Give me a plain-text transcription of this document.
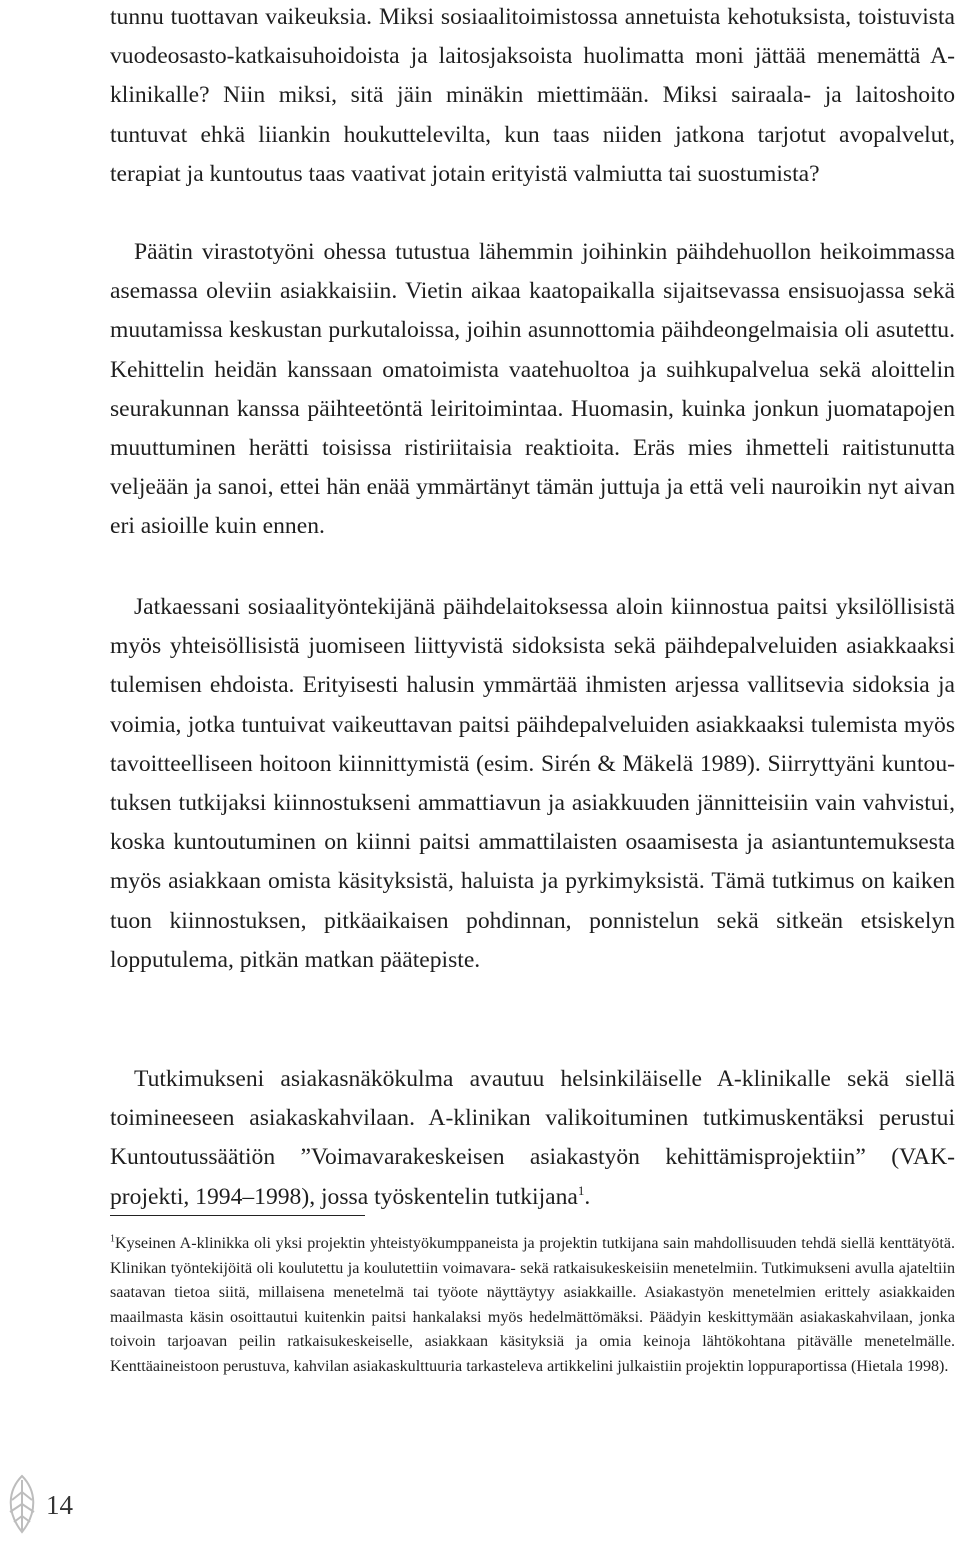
tunnu tuottavan vaikeuksia. Miksi sosiaalitoimistossa annetuista kehotuksista, toistuvista vuodeosasto-katkaisuhoidoista ja laitosjaksoista huolimatta moni jättää menemättä A-klinikalle? Niin miksi, sitä jäin minäkin miettimään. Miksi sairaala- ja laitoshoito tuntuvat ehkä liiankin houkuttelevilta, kun taas niiden jatkona tarjotut avopalvelut, terapiat ja kuntoutus taas vaativat jotain erityistä valmiutta tai suostumista?

Päätin virastotyöni ohessa tutustua lähemmin joihinkin päihdehuollon heikoimmassa asemassa oleviin asiakkaisiin. Vietin aikaa kaatopaikalla sijaitsevassa ensisuojassa sekä muutamissa keskustan purkutaloissa, joihin asunnottomia päihdeongelmaisia oli asutettu. Kehittelin heidän kanssaan omatoimista vaatehuoltoa ja suihkupalvelua sekä aloittelin seurakunnan kanssa päihteetöntä leiritoimintaa. Huomasin, kuinka jonkun juomatapojen muuttuminen herätti toisissa ristiriitaisia reaktioita. Eräs mies ihmetteli raitistunutta veljeään ja sanoi, ettei hän enää ymmärtänyt tämän juttuja ja että veli nauroikin nyt aivan eri asioille kuin ennen.

Jatkaessani sosiaalityöntekijänä päihdelaitoksessa aloin kiinnostua paitsi yksilöllisistä myös yhteisöllisistä juomiseen liittyvistä sidoksista sekä päihdepalveluiden asiakkaaksi tulemisen ehdoista. Erityisesti halusin ymmärtää ihmisten arjessa vallitsevia sidoksia ja voimia, jotka tuntuivat vaikeuttavan paitsi päihdepalveluiden asiakkaaksi tulemista myös tavoitteelliseen hoitoon kiinnittymistä (esim. Sirén & Mäkelä 1989). Siirryttyäni kuntoutuksen tutkijaksi kiinnostukseni ammattiavun ja asiakkuuden jännitteisiin vain vahvistui, koska kuntoutuminen on kiinni paitsi ammattilaisten osaamisesta ja asiantuntemuksesta myös asiakkaan omista käsityksistä, haluista ja pyrkimyksistä. Tämä tutkimus on kaiken tuon kiinnostuksen, pitkäaikaisen pohdinnan, ponnistelun sekä sitkeän etsiskelyn lopputulema, pitkän matkan päätepiste.

Tutkimukseni asiakasnäkökulma avautuu helsinkiläiselle A-klinikalle sekä siellä toimineeseen asiakaskahvilaan. A-klinikan valikoituminen tutkimuskentäksi perustui Kuntoutussäätiön ”Voimavarakeskeisen asiakastyön kehittämisprojektiin” (VAK-projekti, 1994–1998), jossa työskentelin tutkijana$^1$.

$^1$Kyseinen A-klinikka oli yksi projektin yhteistyökumppaneista ja projektin tutkijana sain mahdollisuuden tehdä siellä kenttätyötä. Klinikan työntekijöitä oli koulutettu ja koulutettiin voimavara- sekä ratkaisukeskeisiin menetelmiin. Tutkimukseni avulla ajateltiin saatavan tietoa siitä, millaisena menetelmä tai työote näyttäytyy asiakkaille. Asiakastyön menetelmien erittely asiakkaiden maailmasta käsin osoittautui kuitenkin paitsi hankalaksi myös hedelmättömäksi. Päädyin keskittymään asiakaskahvilaan, jonka toivoin tarjoavan peilin ratkaisukeskeiselle, asiakkaan käsityksiä ja omia keinoja lähtökohtana pitävälle menetelmälle. Kenttäaineistoon perustuva, kahvilan asiakaskulttuuria tarkasteleva artikkelini julkaistiin projektin loppuraportissa (Hietala 1998).

14
